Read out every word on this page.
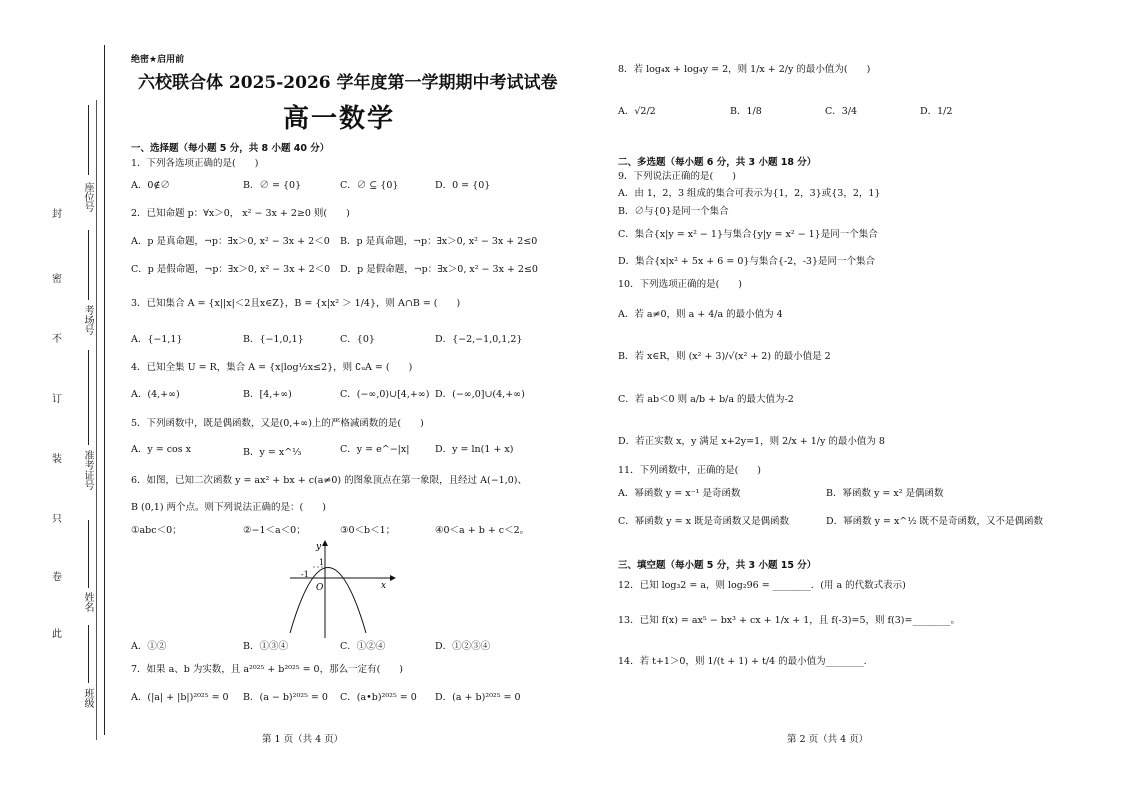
封
密
不
订
装
只
卷
此
座位号
考场号
准考证号
姓名
班级
绝密★启用前
六校联合体 2025-2026 学年度第一学期期中考试试卷
高一数学
一、选择题（每小题 5 分，共 8 小题 40 分）
1．下列各选项正确的是(　　)
A．0∉∅	B．∅ = {0}	C．∅ ⊆ {0}	D．0 = {0}
2．已知命题 p：∀x＞0， x² − 3x + 2≥0 则(　　)
A．p 是真命题，¬p：∃x＞0, x² − 3x + 2＜0 B．p 是真命题，¬p：∃x＞0, x² − 3x + 2≤0
C．p 是假命题，¬p：∃x＞0, x² − 3x + 2＜0 D．p 是假命题，¬p：∃x＞0, x² − 3x + 2≤0
3．已知集合 A = {x||x|＜2且x∈Z}，B = {x|x² ＞ 1/4}，则 A∩B = (　　)
A．{−1,1}	B．{−1,0,1}	C．{0}	D．{−2,−1,0,1,2}
4．已知全集 U = R，集合 A = {x|log½x≤2}，则 ∁ᵤA = (　　)
A．(4,+∞)	B．[4,+∞)	C．(−∞,0)∪[4,+∞) D．(−∞,0]∪(4,+∞)
5．下列函数中，既是偶函数，又是(0,+∞)上的严格减函数的是(　　)
A．y = cos x	B．y = x^⅓	C．y = e^−|x|	D．y = ln(1 + x)
6．如图，已知二次函数 y = ax² + bx + c(a≠0) 的图象顶点在第一象限，且经过 A(−1,0)、
B (0,1) 两个点。则下列说法正确的是：(　　)
①abc＜0；	②−1＜a＜0；	③0＜b＜1；	④0＜a + b + c＜2。
y
x
O
1
-1
A．①②	B．①③④	C．①②④	D．①②③④
7．如果 a、b 为实数，且 a²⁰²⁵ + b²⁰²⁵ = 0，那么一定有(　　)
A．(|a| + |b|)²⁰²⁵ = 0 B．(a − b)²⁰²⁵ = 0 C．(a•b)²⁰²⁵ = 0 D．(a + b)²⁰²⁵ = 0
第 1 页（共 4 页）
8．若 log₄x + log₄y = 2，则 1/x + 2/y 的最小值为(　　)
A．√2/2	B．1/8	C．3/4	D．1/2
二、多选题（每小题 6 分，共 3 小题 18 分）
9．下列说法正确的是(　　)
A．由 1，2，3 组成的集合可表示为{1，2，3}或{3，2，1}
B．∅与{0}是同一个集合
C．集合{x|y = x² − 1}与集合{y|y = x² − 1}是同一个集合
D．集合{x|x² + 5x + 6 = 0}与集合{-2，-3}是同一个集合
10．下列选项正确的是(　　)
A．若 a≠0，则 a + 4/a 的最小值为 4
B．若 x∈R，则 (x² + 3)/√(x² + 2) 的最小值是 2
C．若 ab＜0 则 a/b + b/a 的最大值为-2
D．若正实数 x，y 满足 x+2y=1，则 2/x + 1/y 的最小值为 8
11．下列函数中，正确的是(　　)
A．幂函数 y = x⁻¹ 是奇函数	B．幂函数 y = x² 是偶函数
C．幂函数 y = x 既是奇函数又是偶函数	D．幂函数 y = x^½ 既不是奇函数，又不是偶函数
三、填空题（每小题 5 分，共 3 小题 15 分）
12．已知 log₃2 = a，则 log₂96 = ________．(用 a 的代数式表示)
13．已知 f(x) = ax⁵ − bx³ + cx + 1/x + 1，且 f(-3)=5，则 f(3)=________。
14．若 t+1＞0，则 1/(t + 1) + t/4 的最小值为________.
第 2 页（共 4 页）
